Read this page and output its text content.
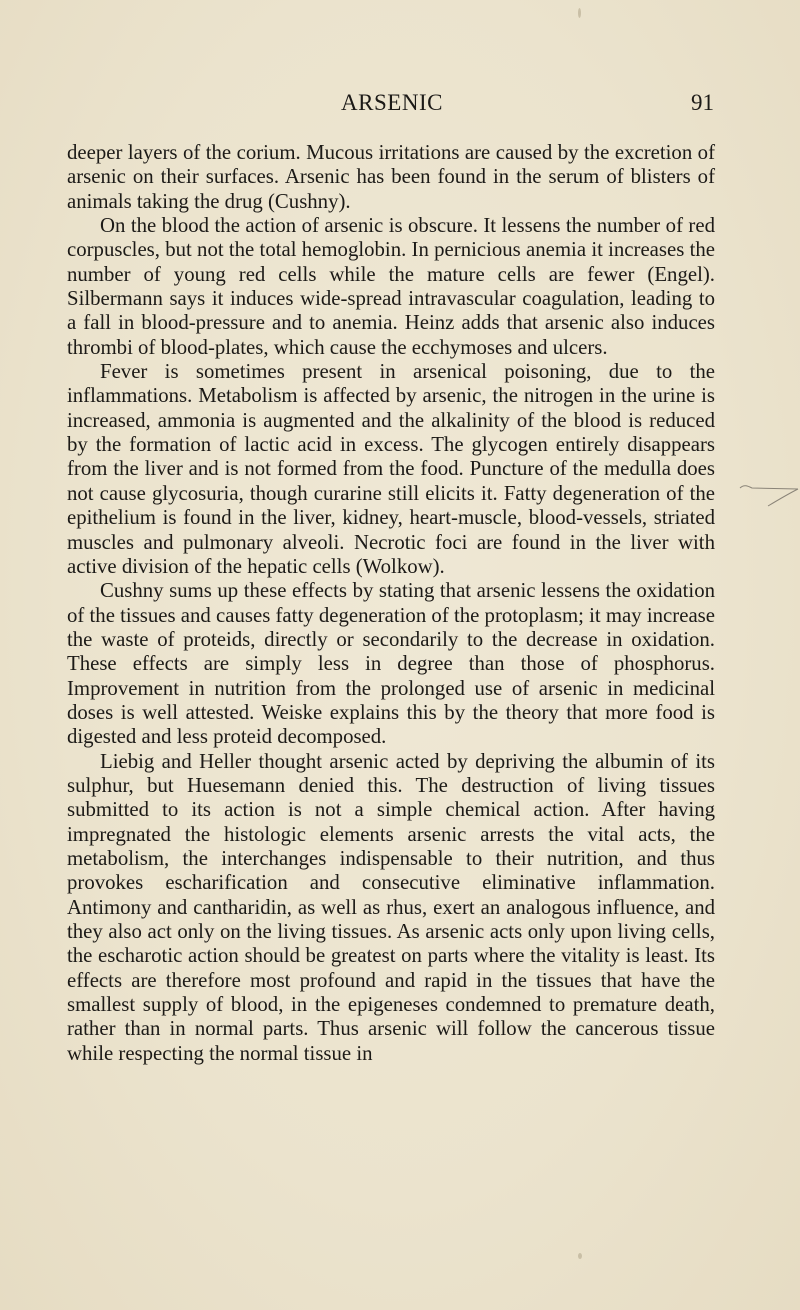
ARSENIC	91

deeper layers of the corium. Mucous irritations are caused by the excretion of arsenic on their surfaces. Arsenic has been found in the serum of blisters of animals taking the drug (Cushny).

On the blood the action of arsenic is obscure. It lessens the number of red corpuscles, but not the total hemoglobin. In pernicious anemia it increases the number of young red cells while the mature cells are fewer (Engel). Silbermann says it induces wide-spread intravascular coagulation, leading to a fall in blood-pressure and to anemia. Heinz adds that arsenic also induces thrombi of blood-plates, which cause the ecchymoses and ulcers.

Fever is sometimes present in arsenical poisoning, due to the inflammations. Metabolism is affected by arsenic, the nitrogen in the urine is increased, ammonia is augmented and the alkalinity of the blood is reduced by the formation of lactic acid in excess. The glycogen entirely disappears from the liver and is not formed from the food. Puncture of the medulla does not cause glycosuria, though curarine still elicits it. Fatty degeneration of the epithelium is found in the liver, kidney, heart-muscle, blood-vessels, striated muscles and pulmonary alveoli. Necrotic foci are found in the liver with active division of the hepatic cells (Wolkow).

Cushny sums up these effects by stating that arsenic lessens the oxidation of the tissues and causes fatty degeneration of the protoplasm; it may increase the waste of proteids, directly or secondarily to the decrease in oxidation. These effects are simply less in degree than those of phosphorus. Improvement in nutrition from the prolonged use of arsenic in medicinal doses is well attested. Weiske explains this by the theory that more food is digested and less proteid decomposed.

Liebig and Heller thought arsenic acted by depriving the albumin of its sulphur, but Huesemann denied this. The destruction of living tissues submitted to its action is not a simple chemical action. After having impregnated the histologic elements arsenic arrests the vital acts, the metabolism, the interchanges indispensable to their nutrition, and thus provokes escharification and consecutive eliminative inflammation. Antimony and cantharidin, as well as rhus, exert an analogous influence, and they also act only on the living tissues. As arsenic acts only upon living cells, the escharotic action should be greatest on parts where the vitality is least. Its effects are therefore most profound and rapid in the tissues that have the smallest supply of blood, in the epigeneses condemned to premature death, rather than in normal parts. Thus arsenic will follow the cancerous tissue while respecting the normal tissue in
